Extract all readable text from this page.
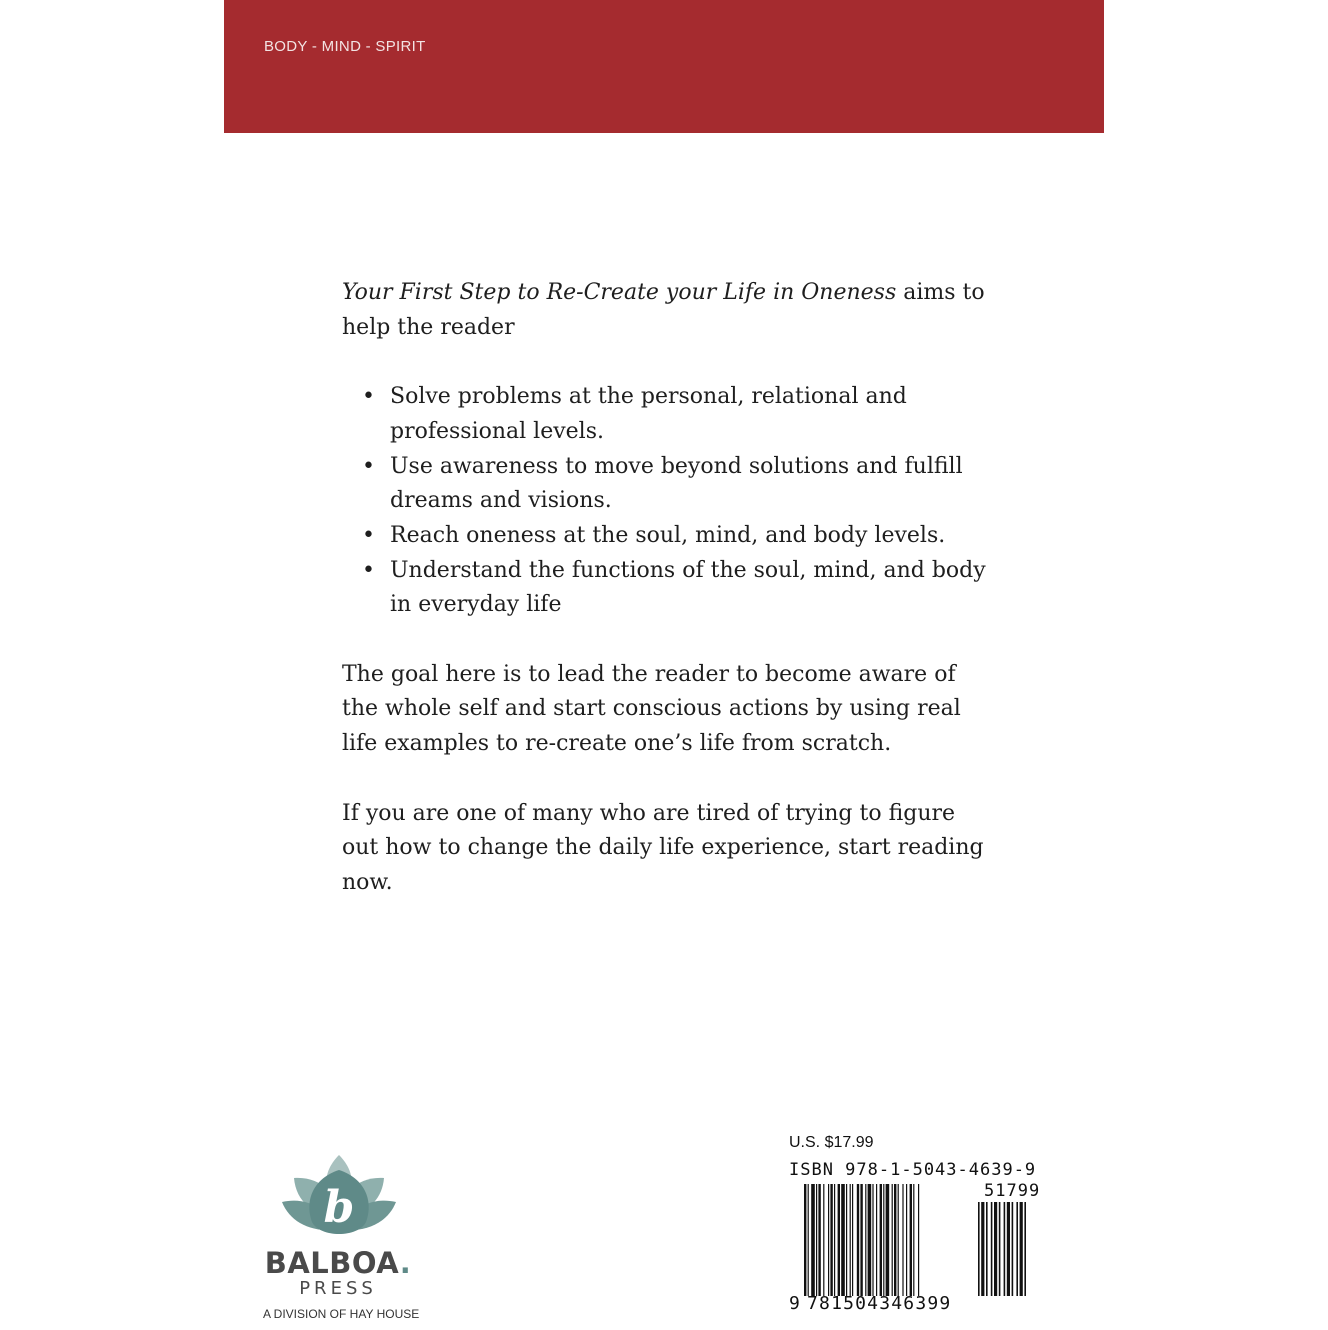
BODY - MIND - SPIRIT

Your First Step to Re-Create your Life in Oneness aims to help the reader

• Solve problems at the personal, relational and professional levels.
• Use awareness to move beyond solutions and fulfill dreams and visions.
• Reach oneness at the soul, mind, and body levels.
• Understand the functions of the soul, mind, and body in everyday life

The goal here is to lead the reader to become aware of the whole self and start conscious actions by using real life examples to re-create one’s life from scratch.

If you are one of many who are tired of trying to figure out how to change the daily life experience, start reading now.

b
BALBOA.
PRESS
A DIVISION OF HAY HOUSE
U.S. $17.99
ISBN 978-1-5043-4639-9
51799
9 781504346399
